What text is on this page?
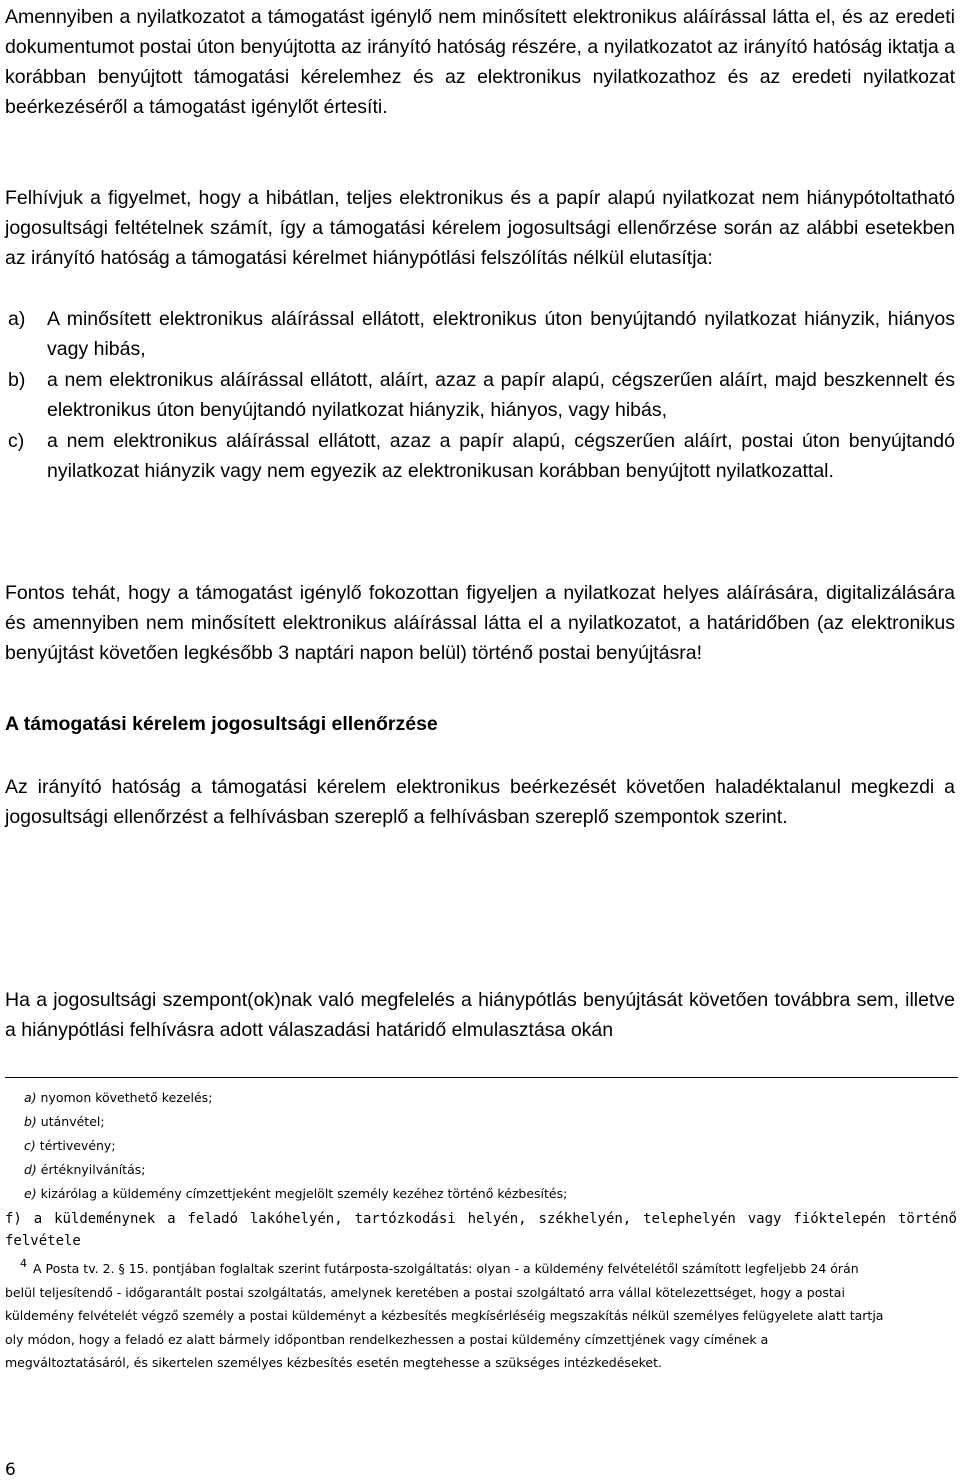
Amennyiben a nyilatkozatot a támogatást igénylő nem minősített elektronikus aláírással látta el, és az eredeti dokumentumot postai úton benyújtotta az irányító hatóság részére, a nyilatkozatot az irányító hatóság iktatja a korábban benyújtott támogatási kérelemhez és az elektronikus nyilatkozathoz és az eredeti nyilatkozat beérkezéséről a támogatást igénylőt értesíti.

Felhívjuk a figyelmet, hogy a hibátlan, teljes elektronikus és a papír alapú nyilatkozat nem hiánypótoltatható jogosultsági feltételnek számít, így a támogatási kérelem jogosultsági ellenőrzése során az alábbi esetekben az irányító hatóság a támogatási kérelmet hiánypótlási felszólítás nélkül elutasítja:

a)	A minősített elektronikus aláírással ellátott, elektronikus úton benyújtandó nyilatkozat hiányzik, hiányos vagy hibás,
b)	a nem elektronikus aláírással ellátott, aláírt, azaz a papír alapú, cégszerűen aláírt, majd beszkennelt és elektronikus úton benyújtandó nyilatkozat hiányzik, hiányos, vagy hibás,
c)	a nem elektronikus aláírással ellátott, azaz a papír alapú, cégszerűen aláírt, postai úton benyújtandó nyilatkozat hiányzik vagy nem egyezik az elektronikusan korábban benyújtott nyilatkozattal.

Fontos tehát, hogy a támogatást igénylő fokozottan figyeljen a nyilatkozat helyes aláírására, digitalizálására és amennyiben nem minősített elektronikus aláírással látta el a nyilatkozatot, a határidőben (az elektronikus benyújtást követően legkésőbb 3 naptári napon belül) történő postai benyújtásra!

A támogatási kérelem jogosultsági ellenőrzése

Az irányító hatóság a támogatási kérelem elektronikus beérkezését követően haladéktalanul megkezdi a jogosultsági ellenőrzést a felhívásban szereplő a felhívásban szereplő szempontok szerint.

Ha a jogosultsági szempont(ok)nak való megfelelés a hiánypótlás benyújtását követően továbbra sem, illetve a hiánypótlási felhívásra adott válaszadási határidő elmulasztása okán

a) nyomon követhető kezelés;

b) utánvétel;

c) tértivevény;

d) értéknyilvánítás;

e) kizárólag a küldemény címzettjeként megjelölt személy kezéhez történő kézbesítés;

f) a küldeménynek a feladó lakóhelyén, tartózkodási helyén, székhelyén, telephelyén vagy fióktelepén történő felvétele

$^4$ A Posta tv. 2. § 15. pontjában foglaltak szerint futárposta-szolgáltatás: olyan - a küldemény felvételétől számított legfeljebb 24 órán

belül teljesítendő - időgarantált postai szolgáltatás, amelynek keretében a postai szolgáltató arra vállal kötelezettséget, hogy a postai

küldemény felvételét végző személy a postai küldeményt a kézbesítés megkísérléséig megszakítás nélkül személyes felügyelete alatt tartja

oly módon, hogy a feladó ez alatt bármely időpontban rendelkezhessen a postai küldemény címzettjének vagy címének a

megváltoztatásáról, és sikertelen személyes kézbesítés esetén megtehesse a szükséges intézkedéseket.

6
